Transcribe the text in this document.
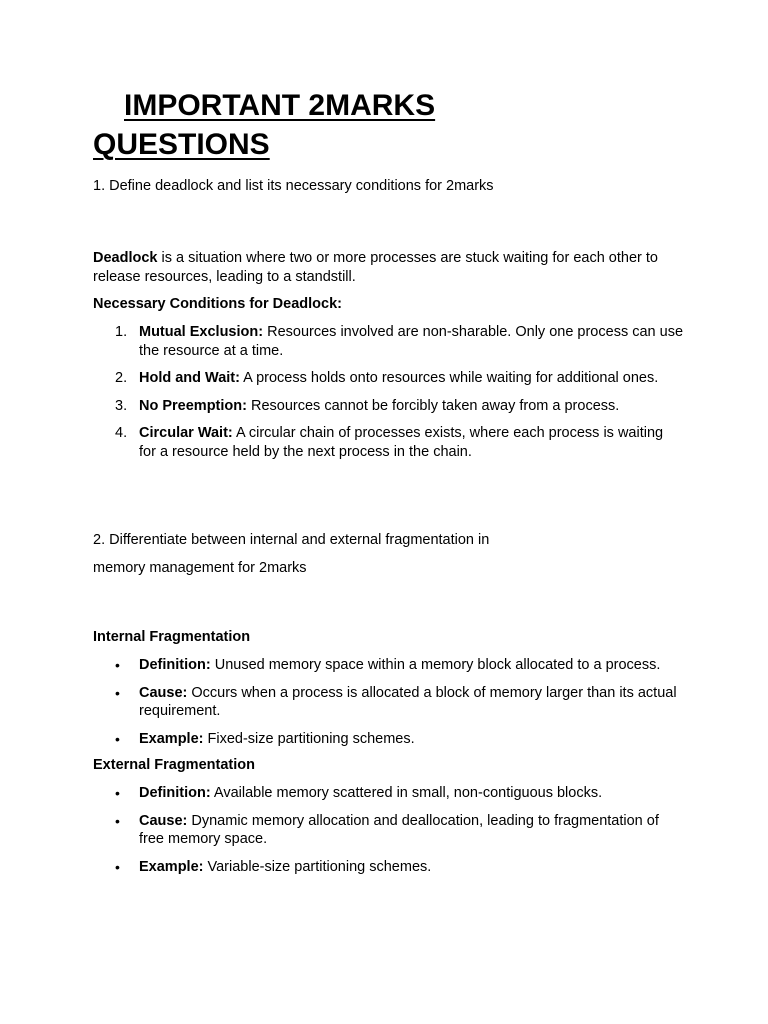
IMPORTANT 2MARKS
QUESTIONS

1. Define deadlock and list its necessary conditions for 2marks

Deadlock is a situation where two or more processes are stuck waiting for each other to release resources, leading to a standstill.

Necessary Conditions for Deadlock:

1. Mutual Exclusion: Resources involved are non-sharable. Only one process can use the resource at a time.
2. Hold and Wait: A process holds onto resources while waiting for additional ones.
3. No Preemption: Resources cannot be forcibly taken away from a process.
4. Circular Wait: A circular chain of processes exists, where each process is waiting for a resource held by the next process in the chain.

2. Differentiate between internal and external fragmentation in

memory management for 2marks

Internal Fragmentation

• Definition: Unused memory space within a memory block allocated to a process.
• Cause: Occurs when a process is allocated a block of memory larger than its actual requirement.
• Example: Fixed-size partitioning schemes.

External Fragmentation

• Definition: Available memory scattered in small, non-contiguous blocks.
• Cause: Dynamic memory allocation and deallocation, leading to fragmentation of free memory space.
• Example: Variable-size partitioning schemes.
